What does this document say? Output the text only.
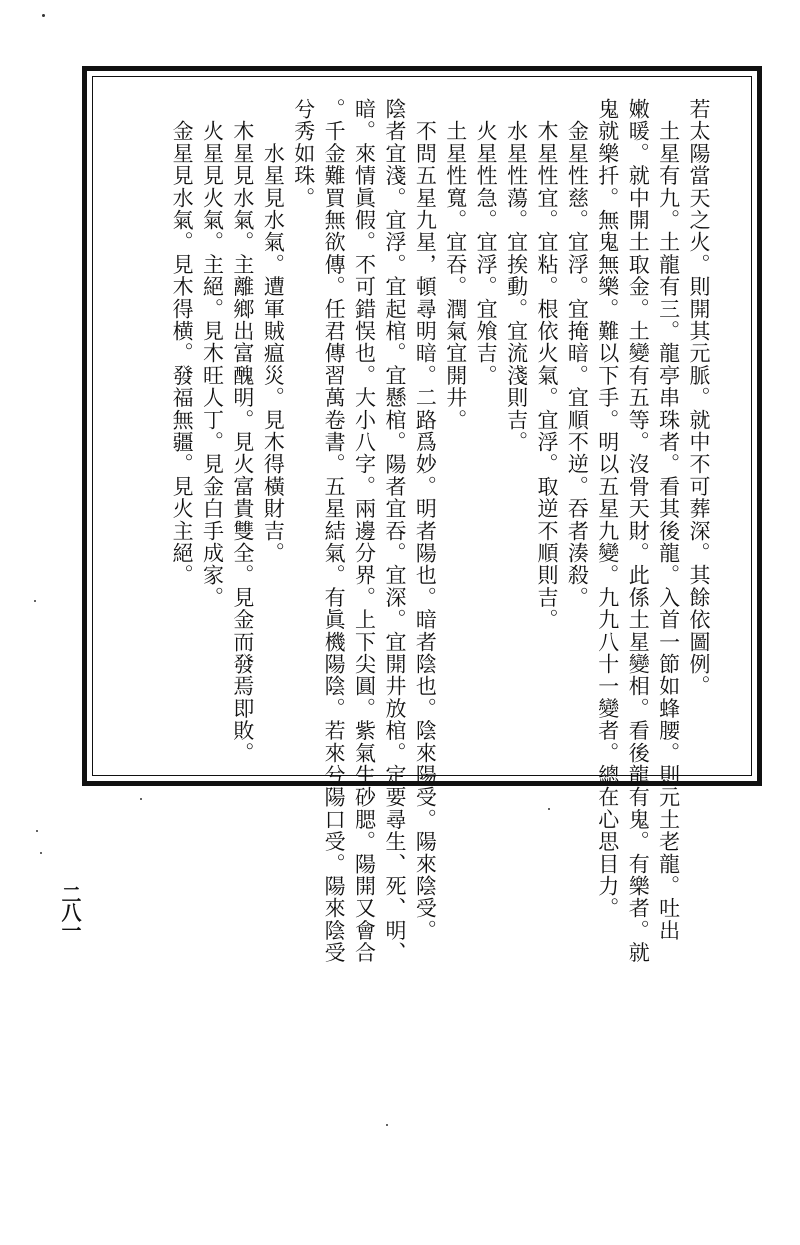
若太陽當天之火。則開其元脈。就中不可葬深。其餘依圖例。
　土星有九。土龍有三。龍亭串珠者。看其後龍。入首一節如蜂腰。則元土老龍。吐出
嫩暖。就中開土取金。土變有五等。沒骨天財。此係土星變相。看後龍有鬼。有樂者。就
鬼就樂扦。無鬼無樂。難以下手。明以五星九變。九九八十一變者。總在心思目力。
　金星性慈。宜浮。宜掩暗。宜順不逆。吞者湊殺。
　木星性宜。宜粘。根依火氣。宜浮。取逆不順則吉。
　水星性蕩。宜挨動。宜流淺則吉。
　火星性急。宜浮。宜飧吉。
　土星性寬。宜吞。潤氣宜開井。
　不問五星九星，頓尋明暗。二路爲妙。明者陽也。暗者陰也。陰來陽受。陽來陰受。
陰者宜淺。宜浮。宜起棺。宜懸棺。陽者宜吞。宜深。宜開井放棺。定要尋生、死、明、
暗。來情眞假。不可錯悮也。大小八字。兩邊分界。上下尖圓。紫氣生砂腮。陽開又會合
。千金難買無欲傳。任君傳習萬卷書。五星結氣。有眞機陽陰。若來兮陽口受。陽來陰受
兮秀如珠。
　　水星見水氣。遭軍賊瘟災。見木得橫財吉。
　木星見水氣。主離鄉出富醜明。見火富貴雙全。見金而發焉即敗。
　火星見火氣。主絕。見木旺人丁。見金白手成家。
　金星見水氣。見木得横。發福無疆。見火主絕。
二八一
